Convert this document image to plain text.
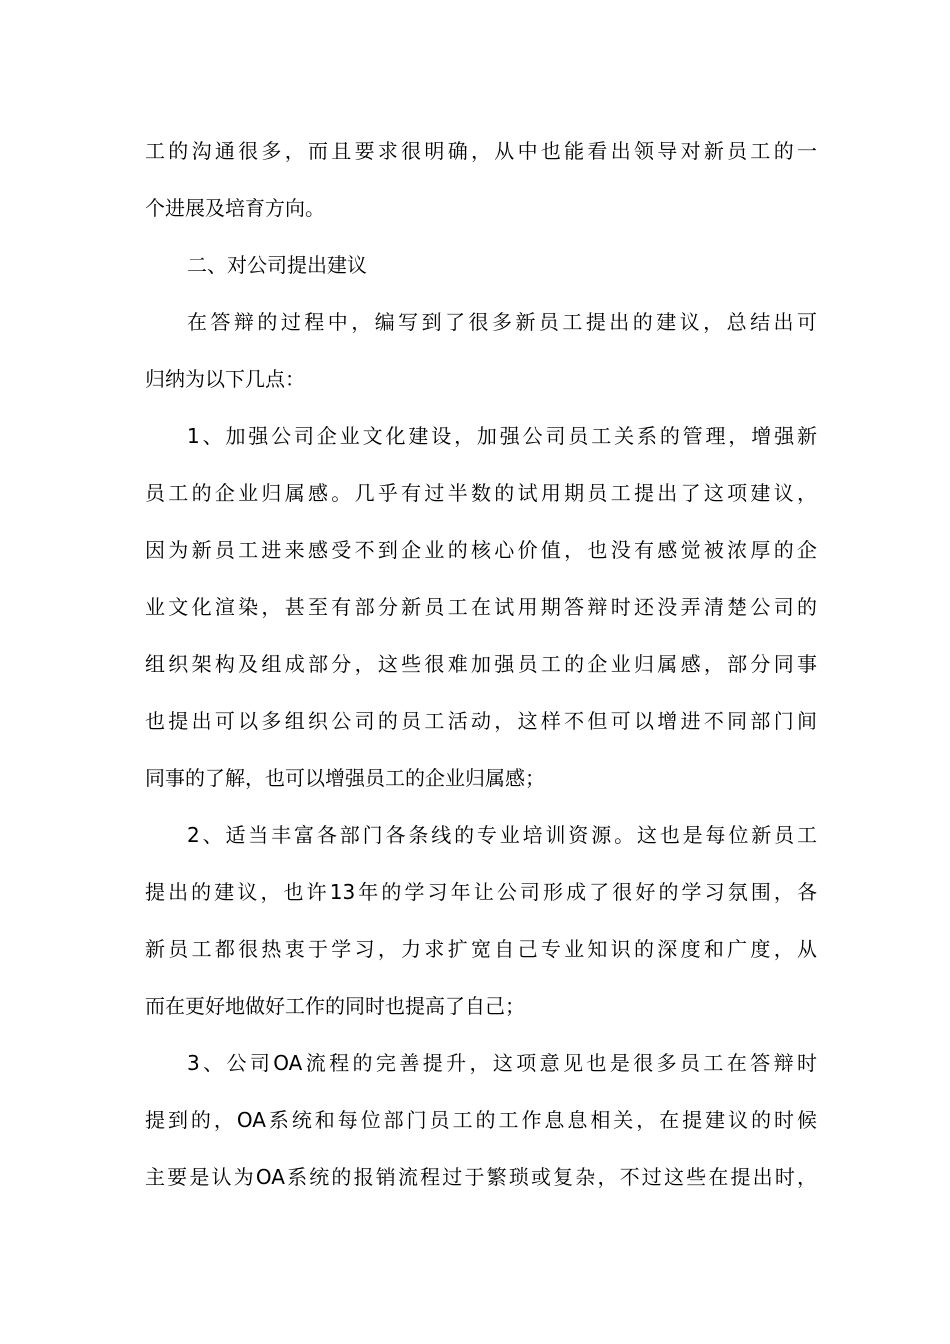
工的沟通很多，而且要求很明确，从中也能看出领导对新员工的一
个进展及培育方向。
二、对公司提出建议
在答辩的过程中，编写到了很多新员工提出的建议，总结出可
归纳为以下几点：
1、加强公司企业文化建设，加强公司员工关系的管理，增强新
员工的企业归属感。几乎有过半数的试用期员工提出了这项建议，
因为新员工进来感受不到企业的核心价值，也没有感觉被浓厚的企
业文化渲染，甚至有部分新员工在试用期答辩时还没弄清楚公司的
组织架构及组成部分，这些很难加强员工的企业归属感，部分同事
也提出可以多组织公司的员工活动，这样不但可以增进不同部门间
同事的了解，也可以增强员工的企业归属感；
2、适当丰富各部门各条线的专业培训资源。这也是每位新员工
提出的建议，也许13年的学习年让公司形成了很好的学习氛围，各
新员工都很热衷于学习，力求扩宽自己专业知识的深度和广度，从
而在更好地做好工作的同时也提高了自己；
3、公司OA流程的完善提升，这项意见也是很多员工在答辩时
提到的，OA系统和每位部门员工的工作息息相关，在提建议的时候
主要是认为OA系统的报销流程过于繁琐或复杂，不过这些在提出时，
